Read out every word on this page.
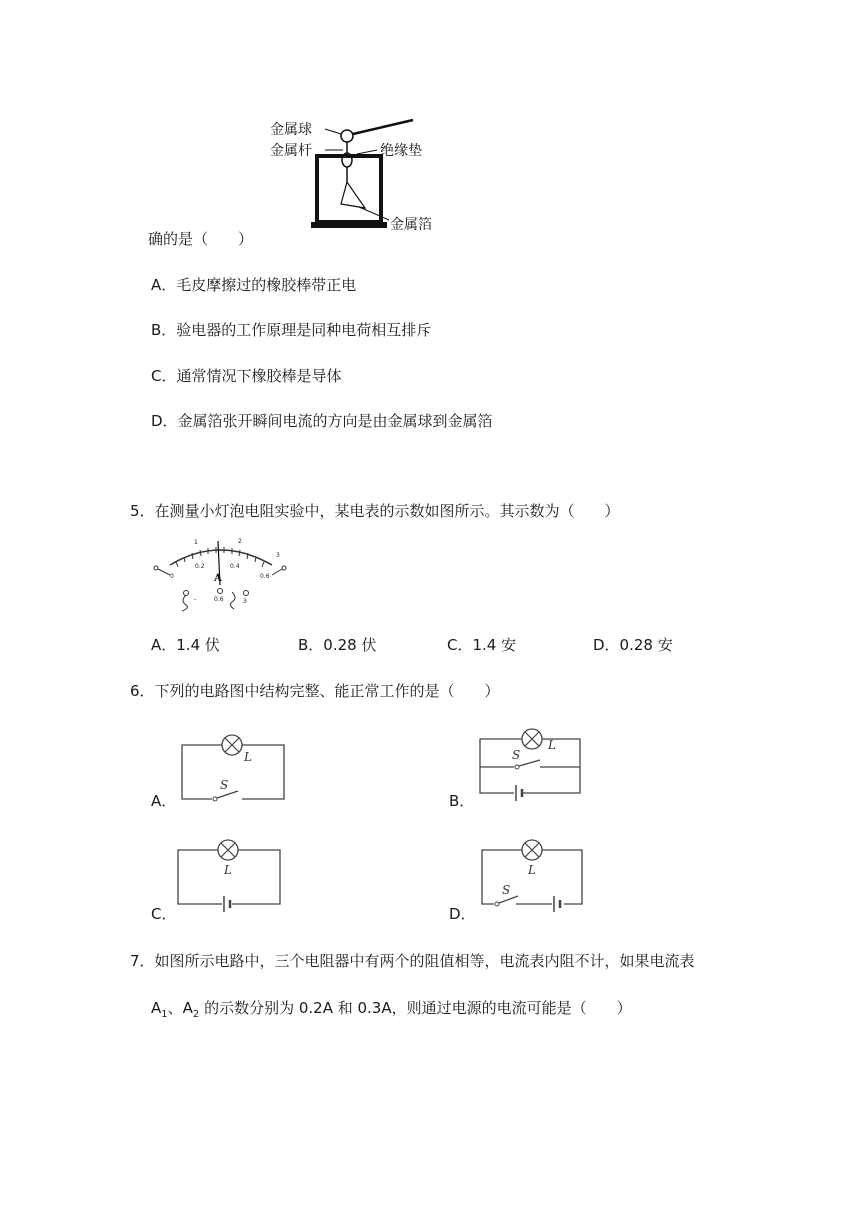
金属球
金属杆	绝缘垫
金属箔
确的是（　　）
A．毛皮摩擦过的橡胶棒带正电
B．验电器的工作原理是同种电荷相互排斥
C．通常情况下橡胶棒是导体
D．金属箔张开瞬间电流的方向是由金属球到金属箔
5．在测量小灯泡电阻实验中，某电表的示数如图所示。其示数为（　　）
1	2
3
0
0.2	0.4
0.6
A
-	0.6	3
A．1.4 伏	B．0.28 伏	C．1.4 安	D．0.28 安
6．下列的电路图中结构完整、能正常工作的是（　　）
A．	B．
C．	D．
L
S
L
S
L	L
S
7．如图所示电路中，三个电阻器中有两个的阻值相等，电流表内阻不计，如果电流表
$A_1$、$A_2$ 的示数分别为 0.2A 和 0.3A，则通过电源的电流可能是（　　）
